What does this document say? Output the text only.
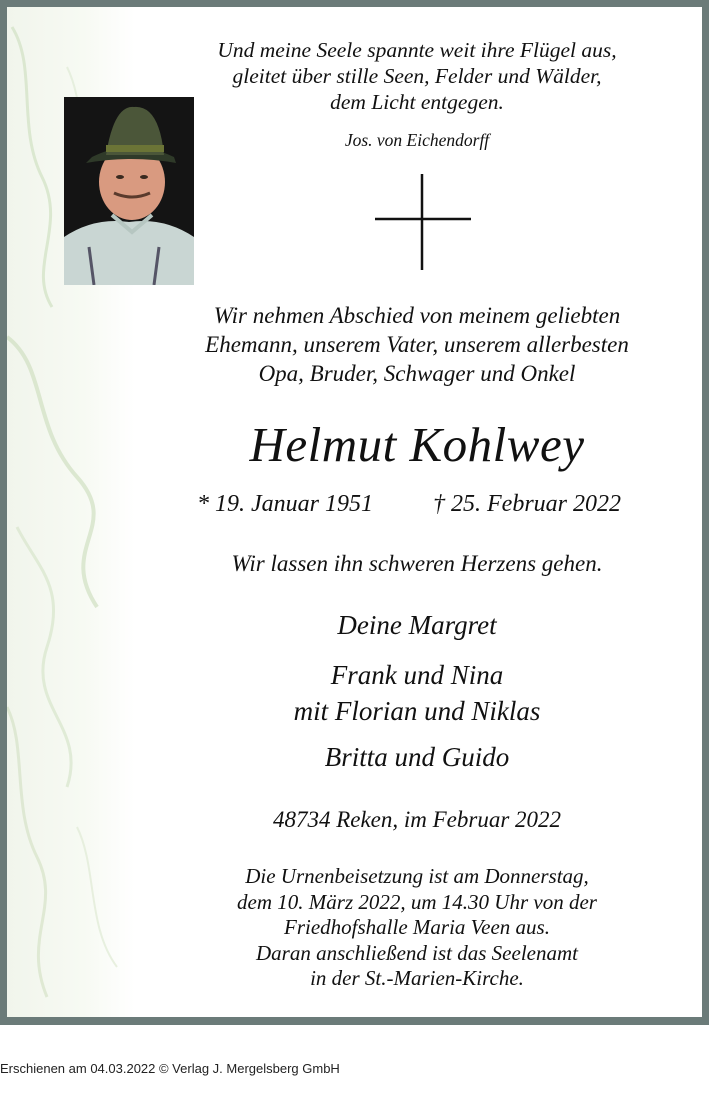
Und meine Seele spannte weit ihre Flügel aus,
gleitet über stille Seen, Felder und Wälder,
dem Licht entgegen.
Jos. von Eichendorff
Wir nehmen Abschied von meinem geliebten
Ehemann, unserem Vater, unserem allerbesten
Opa, Bruder, Schwager und Onkel
Helmut Kohlwey
* 19. Januar 1951	† 25. Februar 2022

Wir lassen ihn schweren Herzens gehen.
Deine Margret
Frank und Nina
mit Florian und Niklas
Britta und Guido
48734 Reken, im Februar 2022
Die Urnenbeisetzung ist am Donnerstag,
dem 10. März 2022, um 14.30 Uhr von der
Friedhofshalle Maria Veen aus.
Daran anschließend ist das Seelenamt
in der St.-Marien-Kirche.
Erschienen am 04.03.2022 © Verlag J. Mergelsberg GmbH
